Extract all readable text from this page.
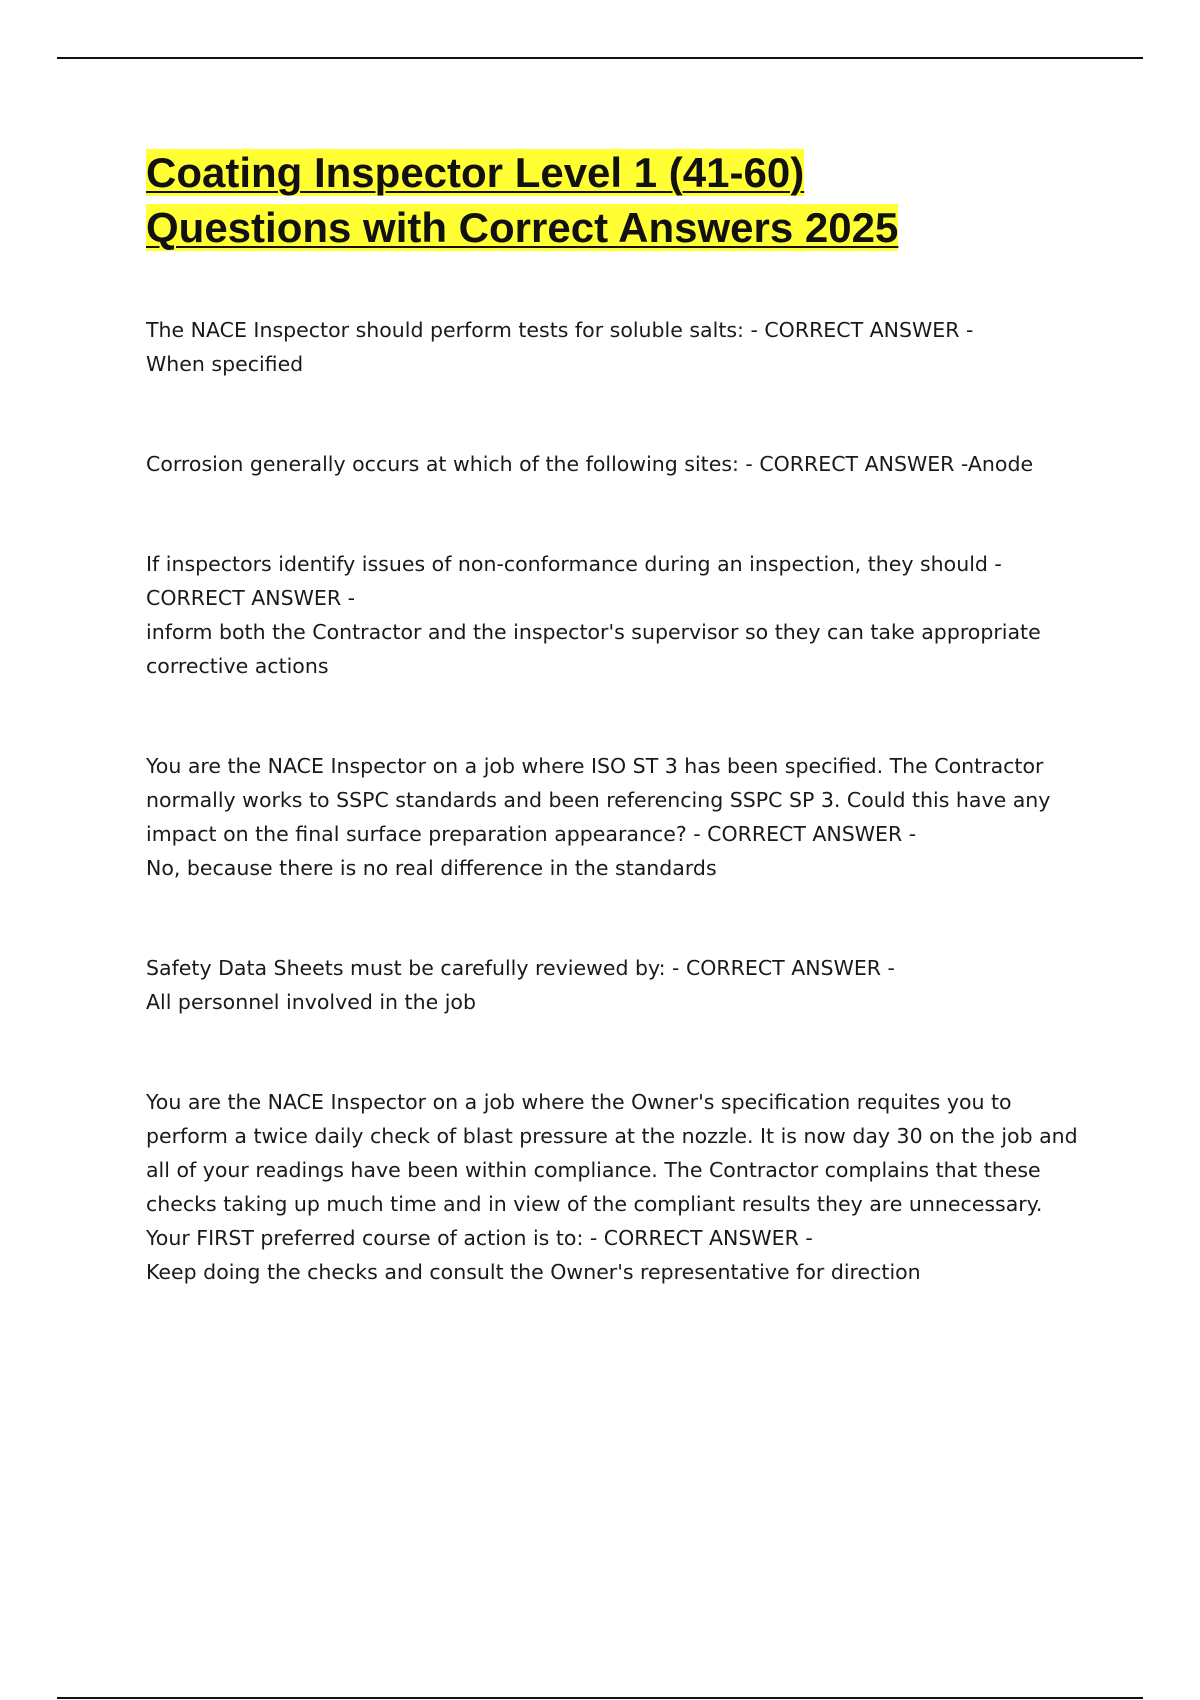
Coating Inspector Level 1 (41-60)
Questions with Correct Answers 2025

The NACE Inspector should perform tests for soluble salts: - CORRECT ANSWER -
When specified

Corrosion generally occurs at which of the following sites: - CORRECT ANSWER -Anode

If inspectors identify issues of non-conformance during an inspection, they should - CORRECT ANSWER -
inform both the Contractor and the inspector's supervisor so they can take appropriate corrective actions

You are the NACE Inspector on a job where ISO ST 3 has been specified. The Contractor normally works to SSPC standards and been referencing SSPC SP 3. Could this have any impact on the final surface preparation appearance? - CORRECT ANSWER -
No, because there is no real difference in the standards

Safety Data Sheets must be carefully reviewed by: - CORRECT ANSWER -
All personnel involved in the job

You are the NACE Inspector on a job where the Owner's specification requites you to perform a twice daily check of blast pressure at the nozzle. It is now day 30 on the job and all of your readings have been within compliance. The Contractor complains that these checks taking up much time and in view of the compliant results they are unnecessary. Your FIRST preferred course of action is to: - CORRECT ANSWER -
Keep doing the checks and consult the Owner's representative for direction
